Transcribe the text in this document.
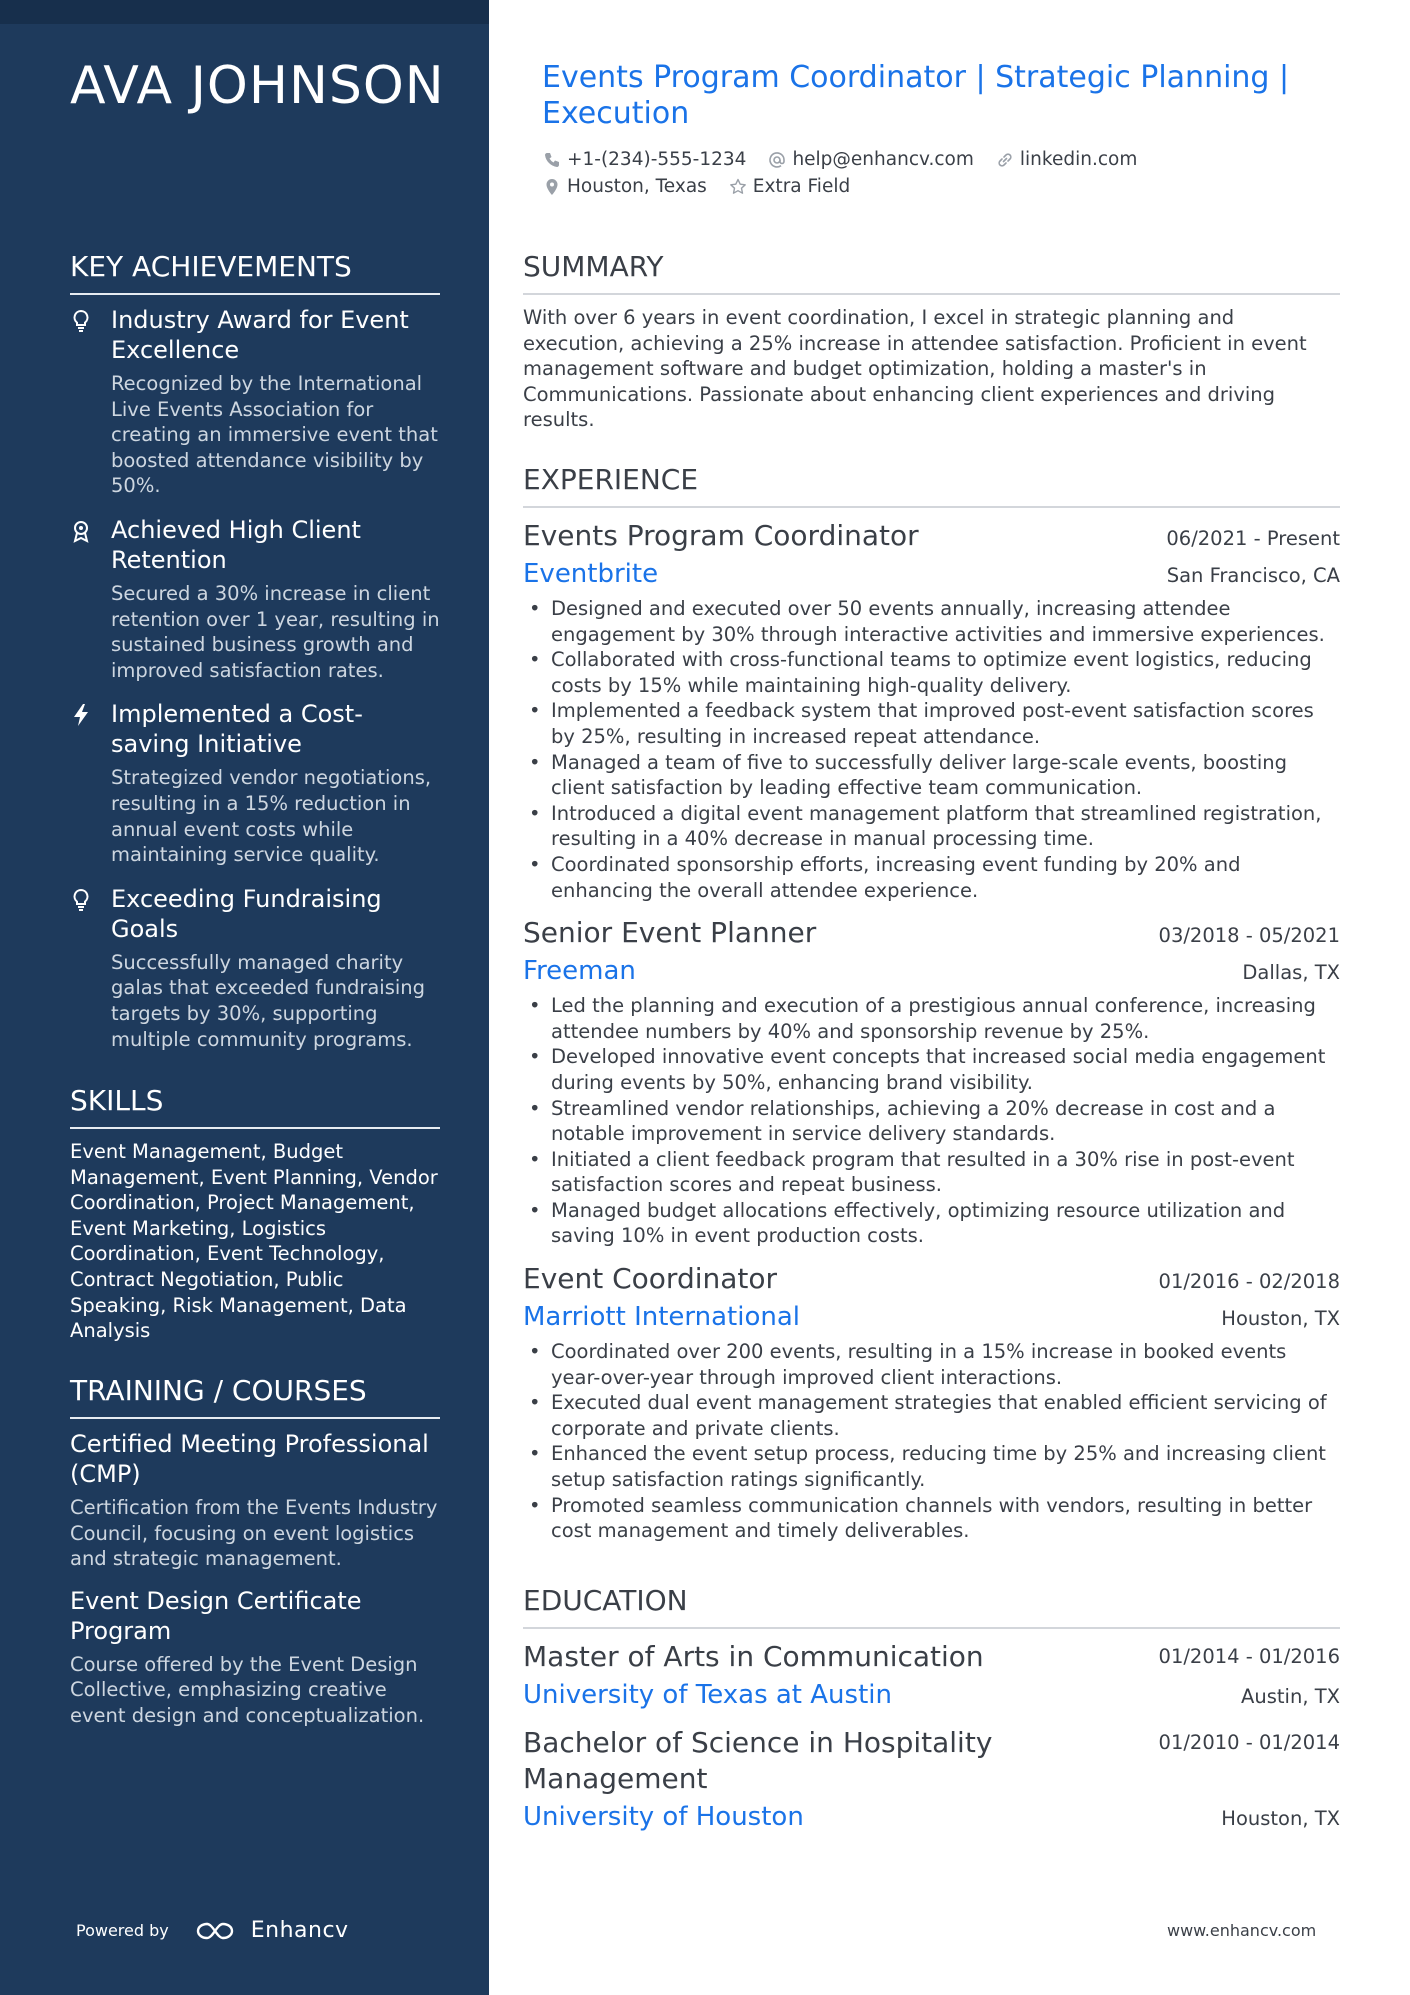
AVA JOHNSON
KEY ACHIEVEMENTS
Industry Award for Event Excellence
Recognized by the International Live Events Association for creating an immersive event that boosted attendance visibility by 50%.
Achieved High Client Retention
Secured a 30% increase in client retention over 1 year, resulting in sustained business growth and improved satisfaction rates.
Implemented a Cost-saving Initiative
Strategized vendor negotiations, resulting in a 15% reduction in annual event costs while maintaining service quality.
Exceeding Fundraising Goals
Successfully managed charity galas that exceeded fundraising targets by 30%, supporting multiple community programs.
SKILLS
Event Management, Budget Management, Event Planning, Vendor Coordination, Project Management, Event Marketing, Logistics Coordination, Event Technology, Contract Negotiation, Public Speaking, Risk Management, Data Analysis
TRAINING / COURSES
Certified Meeting Professional (CMP)
Certification from the Events Industry Council, focusing on event logistics and strategic management.
Event Design Certificate Program
Course offered by the Event Design Collective, emphasizing creative event design and conceptualization.
Powered by	Enhancv
Events Program Coordinator | Strategic Planning | Execution
+1-(234)-555-1234 help@enhancv.com linkedin.com
Houston, Texas Extra Field
SUMMARY

With over 6 years in event coordination, I excel in strategic planning and execution, achieving a 25% increase in attendee satisfaction. Proficient in event management software and budget optimization, holding a master's in Communications. Passionate about enhancing client experiences and driving results.

EXPERIENCE
Events Program Coordinator	06/2021 - Present
Eventbrite	San Francisco, CA
• Designed and executed over 50 events annually, increasing attendee engagement by 30% through interactive activities and immersive experiences.
• Collaborated with cross-functional teams to optimize event logistics, reducing costs by 15% while maintaining high-quality delivery.
• Implemented a feedback system that improved post-event satisfaction scores by 25%, resulting in increased repeat attendance.
• Managed a team of five to successfully deliver large-scale events, boosting client satisfaction by leading effective team communication.
• Introduced a digital event management platform that streamlined registration, resulting in a 40% decrease in manual processing time.
• Coordinated sponsorship efforts, increasing event funding by 20% and enhancing the overall attendee experience.
Senior Event Planner	03/2018 - 05/2021
Freeman	Dallas, TX
• Led the planning and execution of a prestigious annual conference, increasing attendee numbers by 40% and sponsorship revenue by 25%.
• Developed innovative event concepts that increased social media engagement during events by 50%, enhancing brand visibility.
• Streamlined vendor relationships, achieving a 20% decrease in cost and a notable improvement in service delivery standards.
• Initiated a client feedback program that resulted in a 30% rise in post-event satisfaction scores and repeat business.
• Managed budget allocations effectively, optimizing resource utilization and saving 10% in event production costs.
Event Coordinator	01/2016 - 02/2018
Marriott International	Houston, TX
• Coordinated over 200 events, resulting in a 15% increase in booked events year-over-year through improved client interactions.
• Executed dual event management strategies that enabled efficient servicing of corporate and private clients.
• Enhanced the event setup process, reducing time by 25% and increasing client setup satisfaction ratings significantly.
• Promoted seamless communication channels with vendors, resulting in better cost management and timely deliverables.
EDUCATION
Master of Arts in Communication	01/2014 - 01/2016
University of Texas at Austin	Austin, TX
Bachelor of Science in Hospitality Management
01/2010 - 01/2014
University of Houston	Houston, TX
www.enhancv.com
